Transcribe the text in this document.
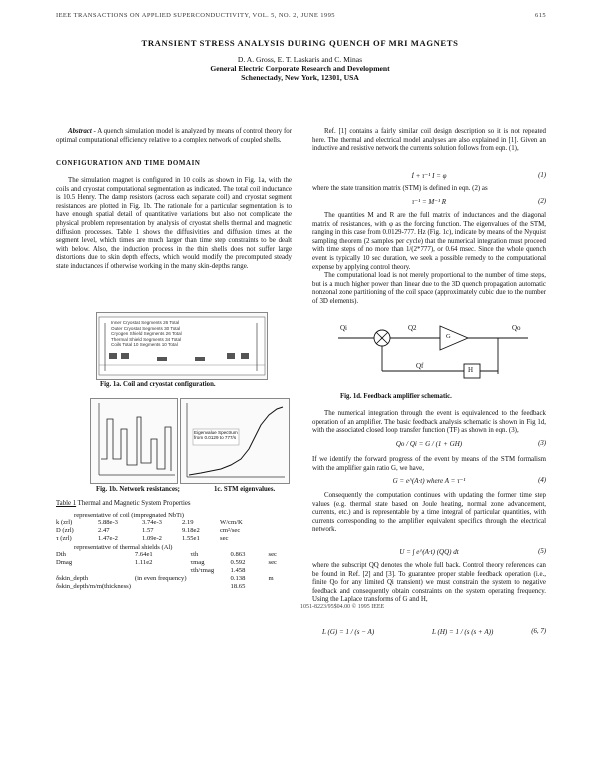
IEEE TRANSACTIONS ON APPLIED SUPERCONDUCTIVITY, VOL. 5, NO. 2, JUNE 1995	615
TRANSIENT STRESS ANALYSIS DURING QUENCH OF MRI MAGNETS
D. A. Gross, E. T. Laskaris and C. Minas
General Electric Corporate Research and Development
Schenectady, New York, 12301, USA

Abstract - A quench simulation model is analyzed by means of control theory for optimal computational efficiency relative to a complex network of coupled shells.

CONFIGURATION AND TIME DOMAIN

The simulation magnet is configured in 10 coils as shown in Fig. 1a, with the coils and cryostat computational segmentation as indicated. The total coil inductance is 10.5 Henry. The damp resistors (across each separate coil) and cryostat segment resistances are plotted in Fig. 1b. The rationale for a particular segmentation is to have enough spatial detail of quantitative variations but also not complicate the physical problem representation by analysis of cryostat shells thermal and magnetic diffusion processes. Table 1 shows the diffusivities and diffusion times at the segment level, which times are much larger than time step constraints to be dealt with below. Also, the induction process in the thin shells does not suffer large distortions due to skin depth effects, which would modify the precomputed steady state inductances if otherwise working in the many skin-depths range.

Inner Cryostat Segments 26 Total
Outer Cryostat Segments 30 Total
Cryogen Shield Segments 26 Total
Thermal Shield Segments 34 Total
Coils Total 10 Segments 10 Total
Fig. 1a. Coil and cryostat configuration.
Eigenvalue Spectrum from 0.0129 to 777/s
Fig. 1b. Network resistances;	1c. STM eigenvalues.
Table 1 Thermal and Magnetic System Properties
representative of coil (impregnated NbTi)
k (zrl)	5.88e-3	3.74e-3	2.19	W/cm/K
D (zrl)	2.47	1.57	9.18e2	cm²/sec
τ (zrl)	1.47e-2	1.09e-2	1.55e1	sec
representative of thermal shields (Al)
Dth	7.64e1	τth	0.863	sec
Dmag	1.11e2	τmag	0.592	sec
		τth/τmag	1.458	
δskin_depth	(in even frequency)		0.138	m
δskin_depth/m/m(thickness)			18.65	

Ref. [1] contains a fairly similar coil design description so it is not repeated here. The thermal and electrical model analyses are also explained in [1]. Given an inductive and resistive network the currents solution follows from eqn. (1),

İ + τ⁻¹ I = φ	(1)

where the state transition matrix (STM) is defined in eqn. (2) as

τ⁻¹ = M⁻¹ R	(2)

The quantities M and R are the full matrix of inductances and the diagonal matrix of resistances, with φ as the forcing function. The eigenvalues of the STM, ranging in this case from 0.0129-777. Hz (Fig. 1c), indicate by means of the Nyquist sampling theorem (2 samples per cycle) that the numerical integration must proceed with time steps of no more than 1/(2*777), or 0.64 msec. Since the whole quench event is typically 10 sec duration, we seek a possible remedy to the computational expense by applying control theory.

The computational load is not merely proportional to the number of time steps, but is a much higher power than linear due to the 3D quench propagation automatic nonzonal zone partitioning of the coil space (approximately cubic due to the number of 3D elements).

Qi	Q2	Qo
Qf	H
G
Fig. 1d. Feedback amplifier schematic.

The numerical integration through the event is equivalenced to the feedback operation of an amplifier. The basic feedback analysis schematic is shown in Fig 1d, with the associated closed loop transfer function (TF) as shown in eqn. (3),

Qo / Qi = G / (1 + GH)	(3)

If we identify the forward progress of the event by means of the STM formalism with the amplifier gain ratio G, we have,

G = e^(A·t) where A = τ⁻¹	(4)

Consequently the computation continues with updating the former time step values (e.g. thermal state based on Joule heating, normal zone advancement, currents, etc.) and is representable by a time integral of particular quantities, with currents corresponding to the amplifier equivalent specifics through the electrical network.

U = ∫ e^(A·t) (QQ) dt	(5)

where the subscript QQ denotes the whole full back. Control theory references can be found in Ref. [2] and [3]. To guarantee proper stable feedback operation (i.e., finite Qo for any limited Qi transient) we must constrain the system to negative feedback and consequently obtain constraints on the system operating frequency. Using the Laplace transforms of G and H,

L (G) = 1 / (s − A)	L (H) = 1 / (s (s + A))	(6, 7)
1051-8223/95$04.00 © 1995 IEEE
